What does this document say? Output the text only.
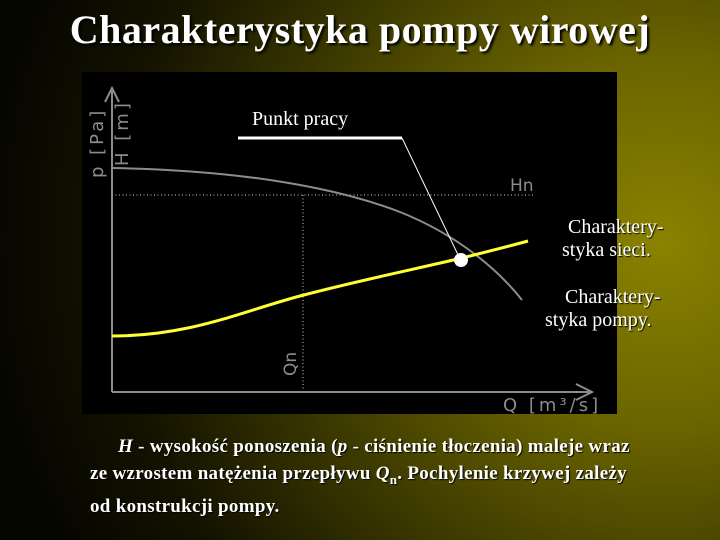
Charakterystyka pompy wirowej
p [Pa] H [m]
Q [m³/s]
Hn
Qn
Punkt pracy
Charaktery-
styka sieci.
Charaktery-
styka pompy.
H - wysokość ponoszenia (p - ciśnienie tłoczenia) maleje wraz ze wzrostem natężenia przepływu $Q_n$. Pochylenie krzywej zależy od konstrukcji pompy.
